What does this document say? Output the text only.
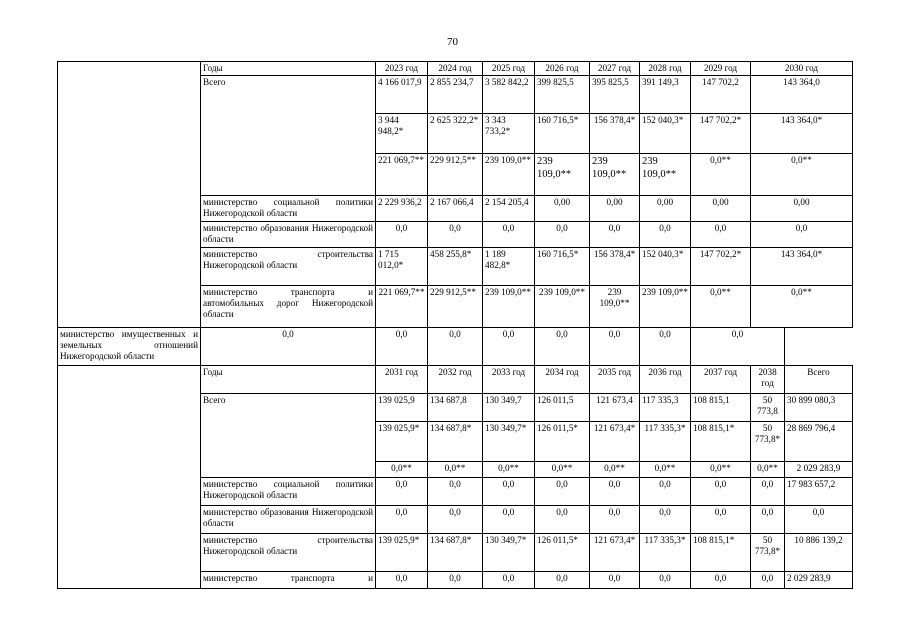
70
	Годы	2023 год	2024 год	2025 год	2026 год	2027 год	2028 год	2029 год	2030 год	
	Всего	4 166 017,9	2 855 234,7	3 582 842,2	399 825,5	395 825,5	391 149,3	147 702,2	143 364,0	
		3 944 948,2*	2 625 322,2*	3 343 733,2*	160 716,5*	156 378,4*	152 040,3*	147 702,2*	143 364,0*	
		221 069,7**	229 912,5**	239 109,0**	239 109,0**	239 109,0**	239 109,0**	0,0**	0,0**	
	министерство социальной политики Нижегородской области	2 229 936,2	2 167 066,4	2 154 205,4	0,00	0,00	0,00	0,00	0,00	
	министерство образования Нижегородской области	0,0	0,0	0,0	0,0	0,0	0,0	0,0	0,0	
	министерство строительства Нижегородской области	1 715 012,0*	458 255,8*	1 189 482,8*	160 716,5*	156 378,4*	152 040,3*	147 702,2*	143 364,0*	
	министерство транспорта и автомобильных дорог Нижегородской области	221 069,7**	229 912,5**	239 109,0**	239 109,0**	239 109,0**	239 109,0**	0,0**	0,0**	
министерство имущественных и земельных отношений Нижегородской области	0,0	0,0	0,0	0,0	0,0	0,0	0,0	0,0		
	Годы	2031 год	2032 год	2033 год	2034 год	2035 год	2036 год	2037 год	2038 год	Всего
	Всего	139 025,9	134 687,8	130 349,7	126 011,5	121 673,4	117 335,3	108 815,1	50 773,8	30 899 080,3
		139 025,9*	134 687,8*	130 349,7*	126 011,5*	121 673,4*	117 335,3*	108 815,1*	50 773,8*	28 869 796,4
		0,0**	0,0**	0,0**	0,0**	0,0**	0,0**	0,0**	0,0**	2 029 283,9
	министерство социальной политики Нижегородской области	0,0	0,0	0,0	0,0	0,0	0,0	0,0	0,0	17 983 657,2
	министерство образования Нижегородской области	0,0	0,0	0,0	0,0	0,0	0,0	0,0	0,0	0,0
	министерство строительства Нижегородской области	139 025,9*	134 687,8*	130 349,7*	126 011,5*	121 673,4*	117 335,3*	108 815,1*	50 773,8*	10 886 139,2
	министерство транспорта и	0,0	0,0	0,0	0,0	0,0	0,0	0,0	0,0	2 029 283,9
